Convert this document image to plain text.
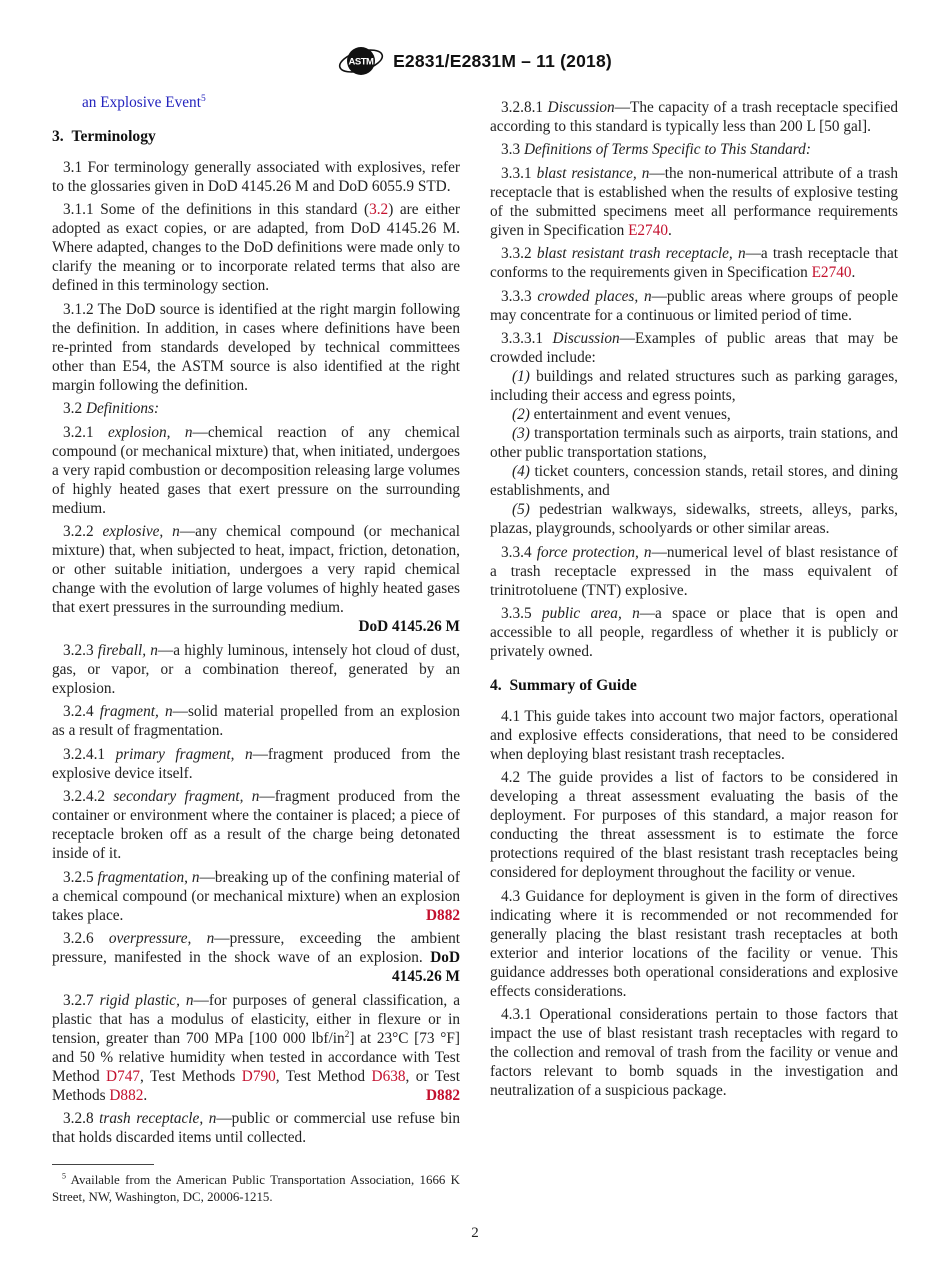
ASTM E2831/E2831M – 11 (2018)
an Explosive Event$^5$
3. Terminology
3.1 For terminology generally associated with explosives, refer to the glossaries given in DoD 4145.26 M and DoD 6055.9 STD.
3.1.1 Some of the definitions in this standard (3.2) are either adopted as exact copies, or are adapted, from DoD 4145.26 M. Where adapted, changes to the DoD definitions were made only to clarify the meaning or to incorporate related terms that also are defined in this terminology section.
3.1.2 The DoD source is identified at the right margin following the definition. In addition, in cases where definitions have been re-printed from standards developed by technical committees other than E54, the ASTM source is also identified at the right margin following the definition.
3.2 Definitions:
3.2.1 explosion, n—chemical reaction of any chemical compound (or mechanical mixture) that, when initiated, undergoes a very rapid combustion or decomposition releasing large volumes of highly heated gases that exert pressure on the surrounding medium.
3.2.2 explosive, n—any chemical compound (or mechanical mixture) that, when subjected to heat, impact, friction, detonation, or other suitable initiation, undergoes a very rapid chemical change with the evolution of large volumes of highly heated gases that exert pressures in the surrounding medium.
DoD 4145.26 M
3.2.3 fireball, n—a highly luminous, intensely hot cloud of dust, gas, or vapor, or a combination thereof, generated by an explosion.
3.2.4 fragment, n—solid material propelled from an explosion as a result of fragmentation.
3.2.4.1 primary fragment, n—fragment produced from the explosive device itself.
3.2.4.2 secondary fragment, n—fragment produced from the container or environment where the container is placed; a piece of receptacle broken off as a result of the charge being detonated inside of it.
3.2.5 fragmentation, n—breaking up of the confining material of a chemical compound (or mechanical mixture) when an explosion takes place.	D882
3.2.6 overpressure, n—pressure, exceeding the ambient pressure, manifested in the shock wave of an explosion. DoD
4145.26 M
3.2.7 rigid plastic, n—for purposes of general classification, a plastic that has a modulus of elasticity, either in flexure or in tension, greater than 700 MPa [100 000 lbf/$in^2$] at 23°C [73 °F] and 50 % relative humidity when tested in accordance with Test Method D747, Test Methods D790, Test Method D638, or Test Methods D882.	D882
3.2.8 trash receptacle, n—public or commercial use refuse bin that holds discarded items until collected.
$^5$ Available from the American Public Transportation Association, 1666 K Street, NW, Washington, DC, 20006-1215.
3.2.8.1 Discussion—The capacity of a trash receptacle specified according to this standard is typically less than 200 L [50 gal].
3.3 Definitions of Terms Specific to This Standard:
3.3.1 blast resistance, n—the non-numerical attribute of a trash receptacle that is established when the results of explosive testing of the submitted specimens meet all performance requirements given in Specification E2740.
3.3.2 blast resistant trash receptacle, n—a trash receptacle that conforms to the requirements given in Specification E2740.
3.3.3 crowded places, n—public areas where groups of people may concentrate for a continuous or limited period of time.
3.3.3.1 Discussion—Examples of public areas that may be crowded include:
(1) buildings and related structures such as parking garages, including their access and egress points,
(2) entertainment and event venues,
(3) transportation terminals such as airports, train stations, and other public transportation stations,
(4) ticket counters, concession stands, retail stores, and dining establishments, and
(5) pedestrian walkways, sidewalks, streets, alleys, parks, plazas, playgrounds, schoolyards or other similar areas.
3.3.4 force protection, n—numerical level of blast resistance of a trash receptacle expressed in the mass equivalent of trinitrotoluene (TNT) explosive.
3.3.5 public area, n—a space or place that is open and accessible to all people, regardless of whether it is publicly or privately owned.
4. Summary of Guide
4.1 This guide takes into account two major factors, operational and explosive effects considerations, that need to be considered when deploying blast resistant trash receptacles.
4.2 The guide provides a list of factors to be considered in developing a threat assessment evaluating the basis of the deployment. For purposes of this standard, a major reason for conducting the threat assessment is to estimate the force protections required of the blast resistant trash receptacles being considered for deployment throughout the facility or venue.
4.3 Guidance for deployment is given in the form of directives indicating where it is recommended or not recommended for generally placing the blast resistant trash receptacles at both exterior and interior locations of the facility or venue. This guidance addresses both operational considerations and explosive effects considerations.
4.3.1 Operational considerations pertain to those factors that impact the use of blast resistant trash receptacles with regard to the collection and removal of trash from the facility or venue and factors relevant to bomb squads in the investigation and neutralization of a suspicious package.
2
